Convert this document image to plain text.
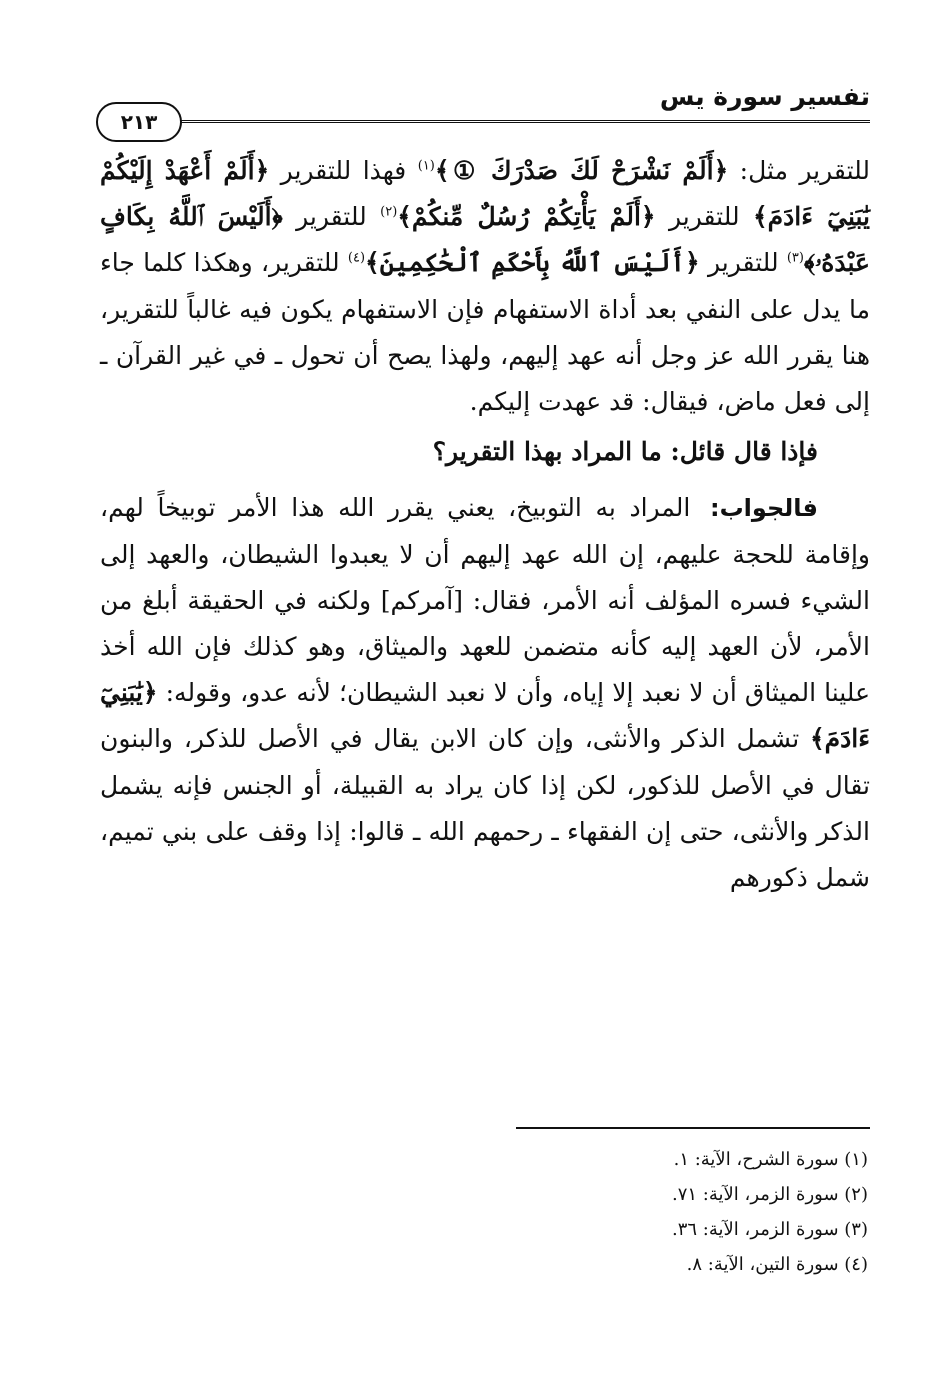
تفسير سورة يس
٢١٣

للتقرير مثل: ﴿أَلَمْ نَشْرَحْ لَكَ صَدْرَكَ ①﴾$^{(١)}$ فهذا للتقرير ﴿أَلَمْ أَعْهَدْ إِلَيْكُمْ يَٰبَنِيٓ ءَادَمَ﴾ للتقرير ﴿أَلَمْ يَأْتِكُمْ رُسُلٌ مِّنكُمْ﴾$^{(٢)}$ للتقرير ﴿أَلَيْسَ ٱللَّهُ بِكَافٍ عَبْدَهُۥ﴾$^{(٣)}$ للتقرير ﴿أَلَيْسَ ٱللَّهُ بِأَحْكَمِ ٱلْحَٰكِمِينَ﴾$^{(٤)}$ للتقرير، وهكذا كلما جاء ما يدل على النفي بعد أداة الاستفهام فإن الاستفهام يكون فيه غالباً للتقرير، هنا يقرر الله عز وجل أنه عهد إليهم، ولهذا يصح أن تحول ـ في غير القرآن ـ إلى فعل ماض، فيقال: قد عهدت إليكم.

فإذا قال قائل: ما المراد بهذا التقرير؟

فالجواب: المراد به التوبيخ، يعني يقرر الله هذا الأمر توبيخاً لهم، وإقامة للحجة عليهم، إن الله عهد إليهم أن لا يعبدوا الشيطان، والعهد إلى الشيء فسره المؤلف أنه الأمر، فقال: [آمركم] ولكنه في الحقيقة أبلغ من الأمر، لأن العهد إليه كأنه متضمن للعهد والميثاق، وهو كذلك فإن الله أخذ علينا الميثاق أن لا نعبد إلا إياه، وأن لا نعبد الشيطان؛ لأنه عدو، وقوله: ﴿يَٰبَنِيٓ ءَادَمَ﴾ تشمل الذكر والأنثى، وإن كان الابن يقال في الأصل للذكر، والبنون تقال في الأصل للذكور، لكن إذا كان يراد به القبيلة، أو الجنس فإنه يشمل الذكر والأنثى، حتى إن الفقهاء ـ رحمهم الله ـ قالوا: إذا وقف على بني تميم، شمل ذكورهم

(١) سورة الشرح، الآية: ١.
(٢) سورة الزمر، الآية: ٧١.
(٣) سورة الزمر، الآية: ٣٦.
(٤) سورة التين، الآية: ٨.
